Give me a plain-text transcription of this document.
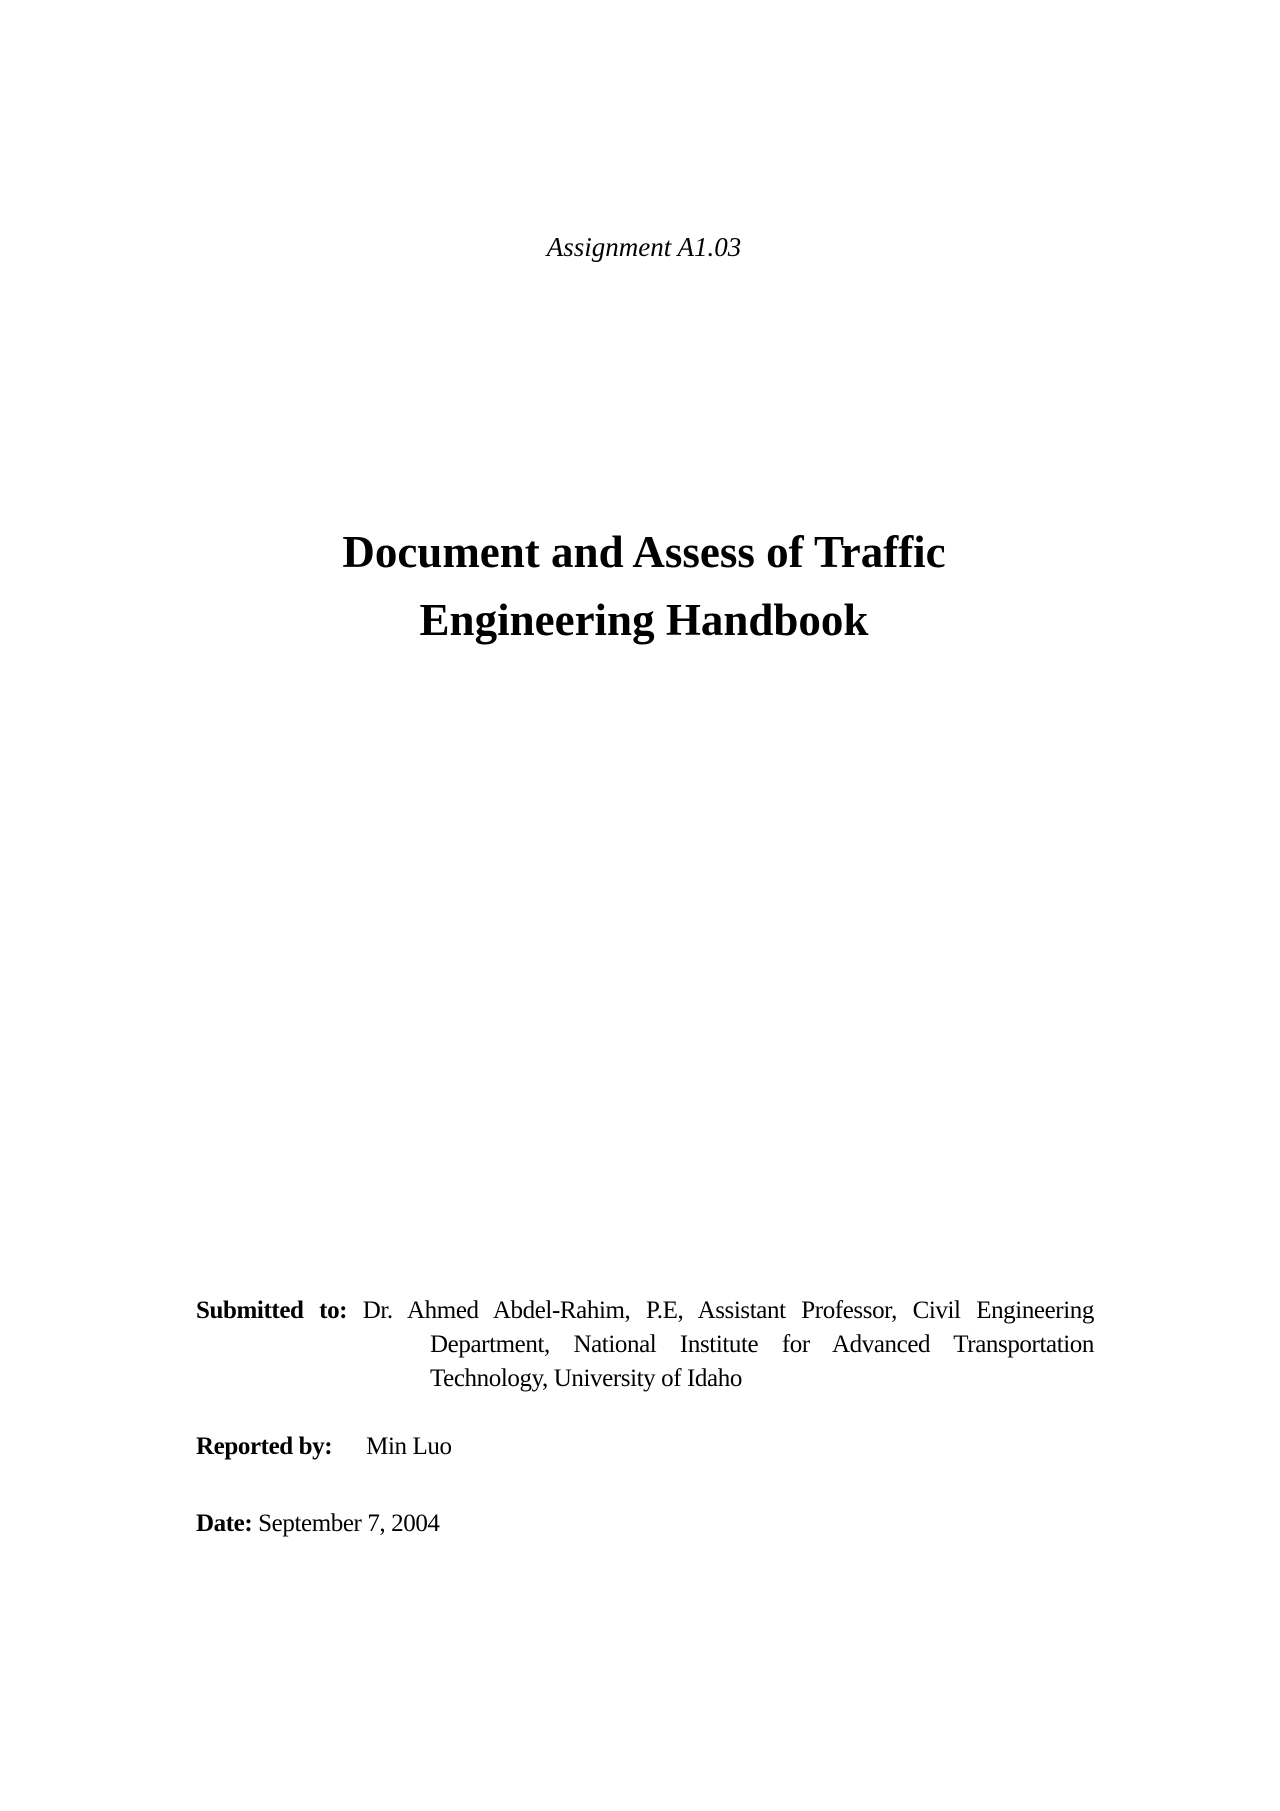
Assignment A1.03
Document and Assess of Traffic
Engineering Handbook
Submitted to: Dr. Ahmed Abdel-Rahim, P.E, Assistant Professor, Civil Engineering Department, National Institute for Advanced Transportation Technology, University of Idaho
Reported by: Min Luo
Date: September 7, 2004
